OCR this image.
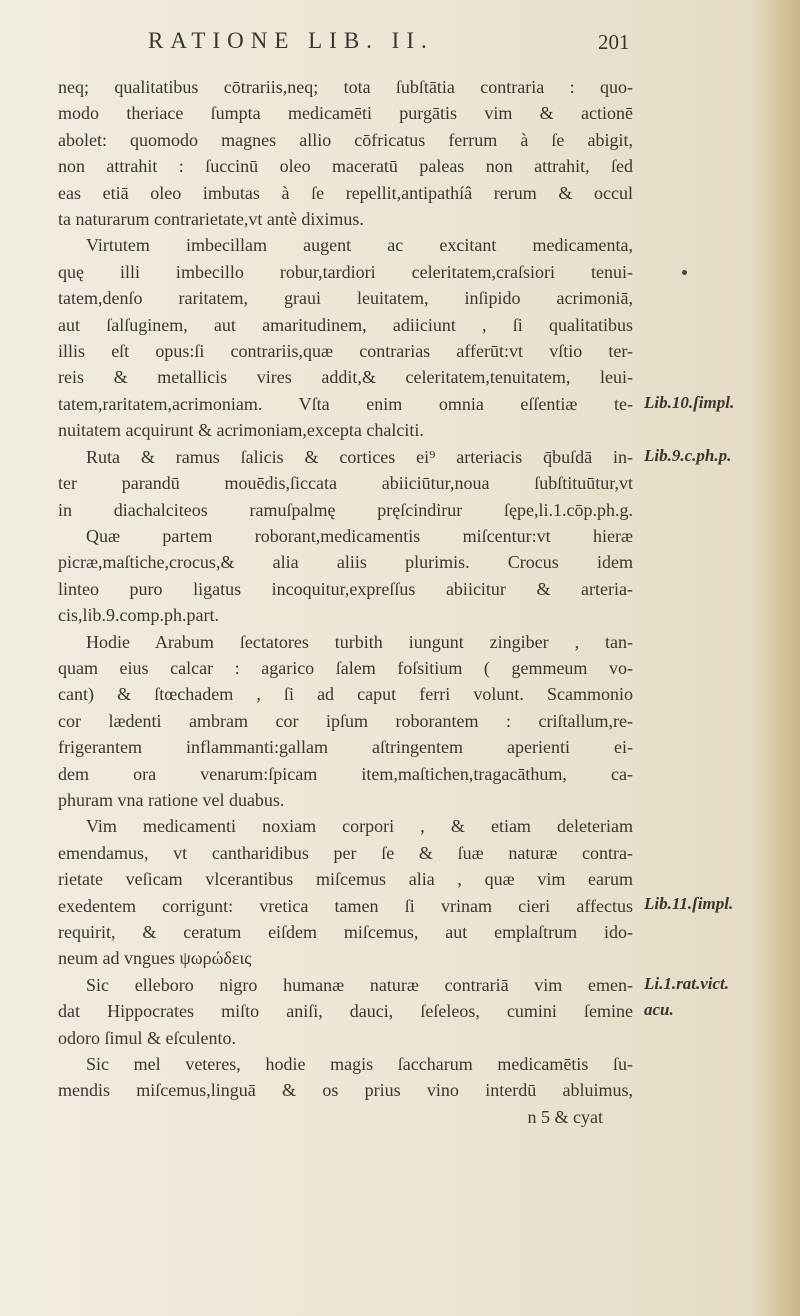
RATIONE LIB. II.	201
neq; qualitatibus cōtrariis,neq; tota ſubſtātia contraria : quo-
modo theriace ſumpta medicamēti purgātis vim & actionē
abolet: quomodo magnes allio cōfricatus ferrum à ſe abigit,
non attrahit : ſuccinū oleo maceratū paleas non attrahit, ſed
eas etiā oleo imbutas à ſe repellit,antipathíâ rerum & occul
ta naturarum contrarietate,vt antè diximus.
Virtutem imbecillam augent ac excitant medicamenta,
quę illi imbecillo robur,tardiori celeritatem,craſsiori tenui-
tatem,denſo raritatem, graui leuitatem, inſipido acrimoniā,
aut ſalſuginem, aut amaritudinem, adiiciunt , ſi qualitatibus
illis eſt opus:ſi contrariis,quæ contrarias afferūt:vt vſtio ter-
reis & metallicis vires addit,& celeritatem,tenuitatem, leui-
tatem,raritatem,acrimoniam. Vſta enim omnia eſſentiæ te-
nuitatem acquirunt & acrimoniam,excepta chalciti.
Ruta & ramus ſalicis & cortices ei⁹ arteriacis q̄buſdā in-
ter parandū mouēdis,ſiccata abiiciūtur,noua ſubſtituūtur,vt
in diachalciteos ramuſpalmę pręſcindirur ſępe,li.1.cōp.ph.g.
Quæ partem roborant,medicamentis miſcentur:vt hieræ
picræ,maſtiche,crocus,& alia aliis plurimis. Crocus idem
linteo puro ligatus incoquitur,expreſſus abiicitur & arteria-
cis,lib.9.comp.ph.part.
Hodie Arabum ſectatores turbith iungunt zingiber , tan-
quam eius calcar : agarico ſalem foſsitium ( gemmeum vo-
cant) & ſtœchadem , ſi ad caput ferri volunt. Scammonio
cor lædenti ambram cor ipſum roborantem : criſtallum,re-
frigerantem inflammanti:gallam aſtringentem aperienti ei-
dem ora venarum:ſpicam item,maſtichen,tragacāthum, ca-
phuram vna ratione vel duabus.
Vim medicamenti noxiam corpori , & etiam deleteriam
emendamus, vt cantharidibus per ſe & ſuæ naturæ contra-
rietate veſicam vlcerantibus miſcemus alia , quæ vim earum
exedentem corrigunt: vretica tamen ſi vrinam cieri affectus
requirit, & ceratum eiſdem miſcemus, aut emplaſtrum ido-
neum ad vngues ψωρώδεις
Sic elleboro nigro humanæ naturæ contrariā vim emen-
dat Hippocrates miſto aniſi, dauci, ſeſeleos, cumini ſemine
odoro ſimul & eſculento.
Sic mel veteres, hodie magis ſaccharum medicamētis ſu-
mendis miſcemus,linguā & os prius vino interdū abluimus,
n 5 & cyat
Lib.10.ſimpl.
Lib.9.c.ph.p.
Lib.11.ſimpl.
Li.1.rat.vict.
acu.
